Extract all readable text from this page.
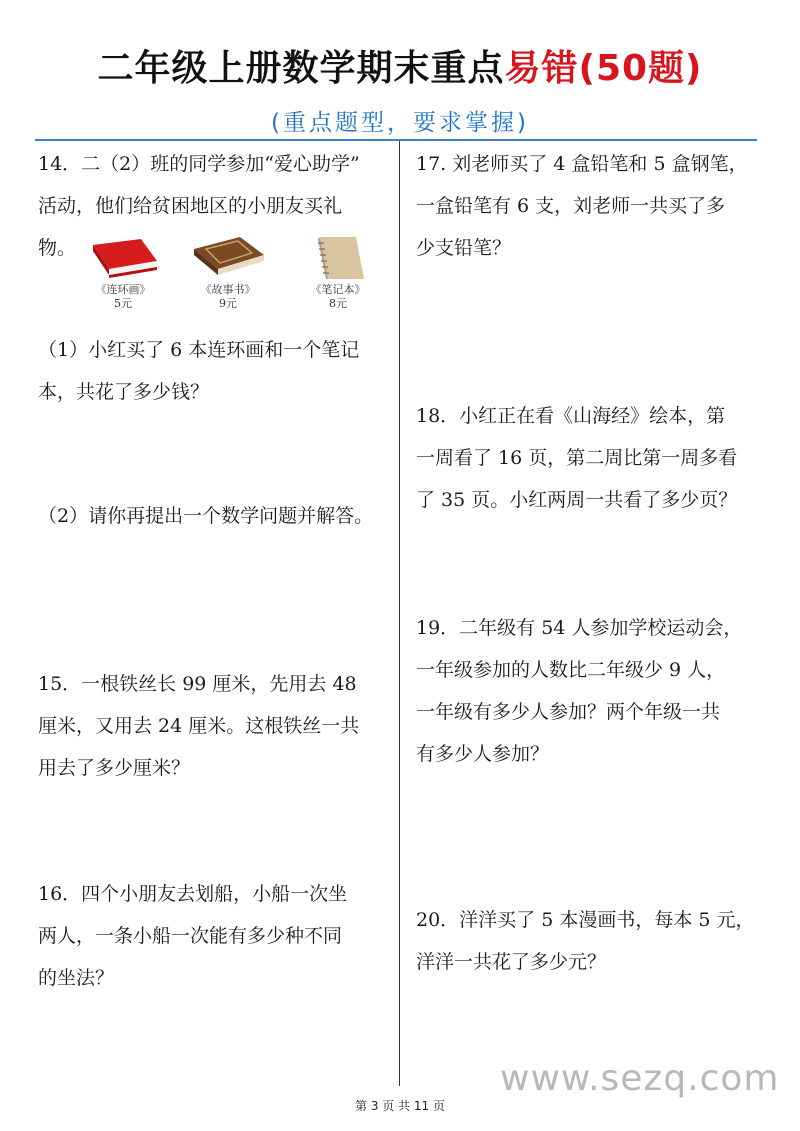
二年级上册数学期末重点易错(50题)
(重点题型，要求掌握)

14．二（2）班的同学参加“爱心助学”

活动，他们给贫困地区的小朋友买礼

物。

《连环画》
5元
《故事书》
9元
《笔记本》
8元

（1）小红买了 6 本连环画和一个笔记

本，共花了多少钱？

（2）请你再提出一个数学问题并解答。

15．一根铁丝长 99 厘米，先用去 48

厘米，又用去 24 厘米。这根铁丝一共

用去了多少厘米？

16．四个小朋友去划船，小船一次坐

两人，一条小船一次能有多少种不同

的坐法？

17. 刘老师买了 4 盒铅笔和 5 盒钢笔，

一盒铅笔有 6 支，刘老师一共买了多

少支铅笔？

18．小红正在看《山海经》绘本，第

一周看了 16 页，第二周比第一周多看

了 35 页。小红两周一共看了多少页？

19．二年级有 54 人参加学校运动会，

一年级参加的人数比二年级少 9 人，

一年级有多少人参加？两个年级一共

有多少人参加？

20．洋洋买了 5 本漫画书，每本 5 元，

洋洋一共花了多少元？

www.sezq.com
第 3 页 共 11 页
